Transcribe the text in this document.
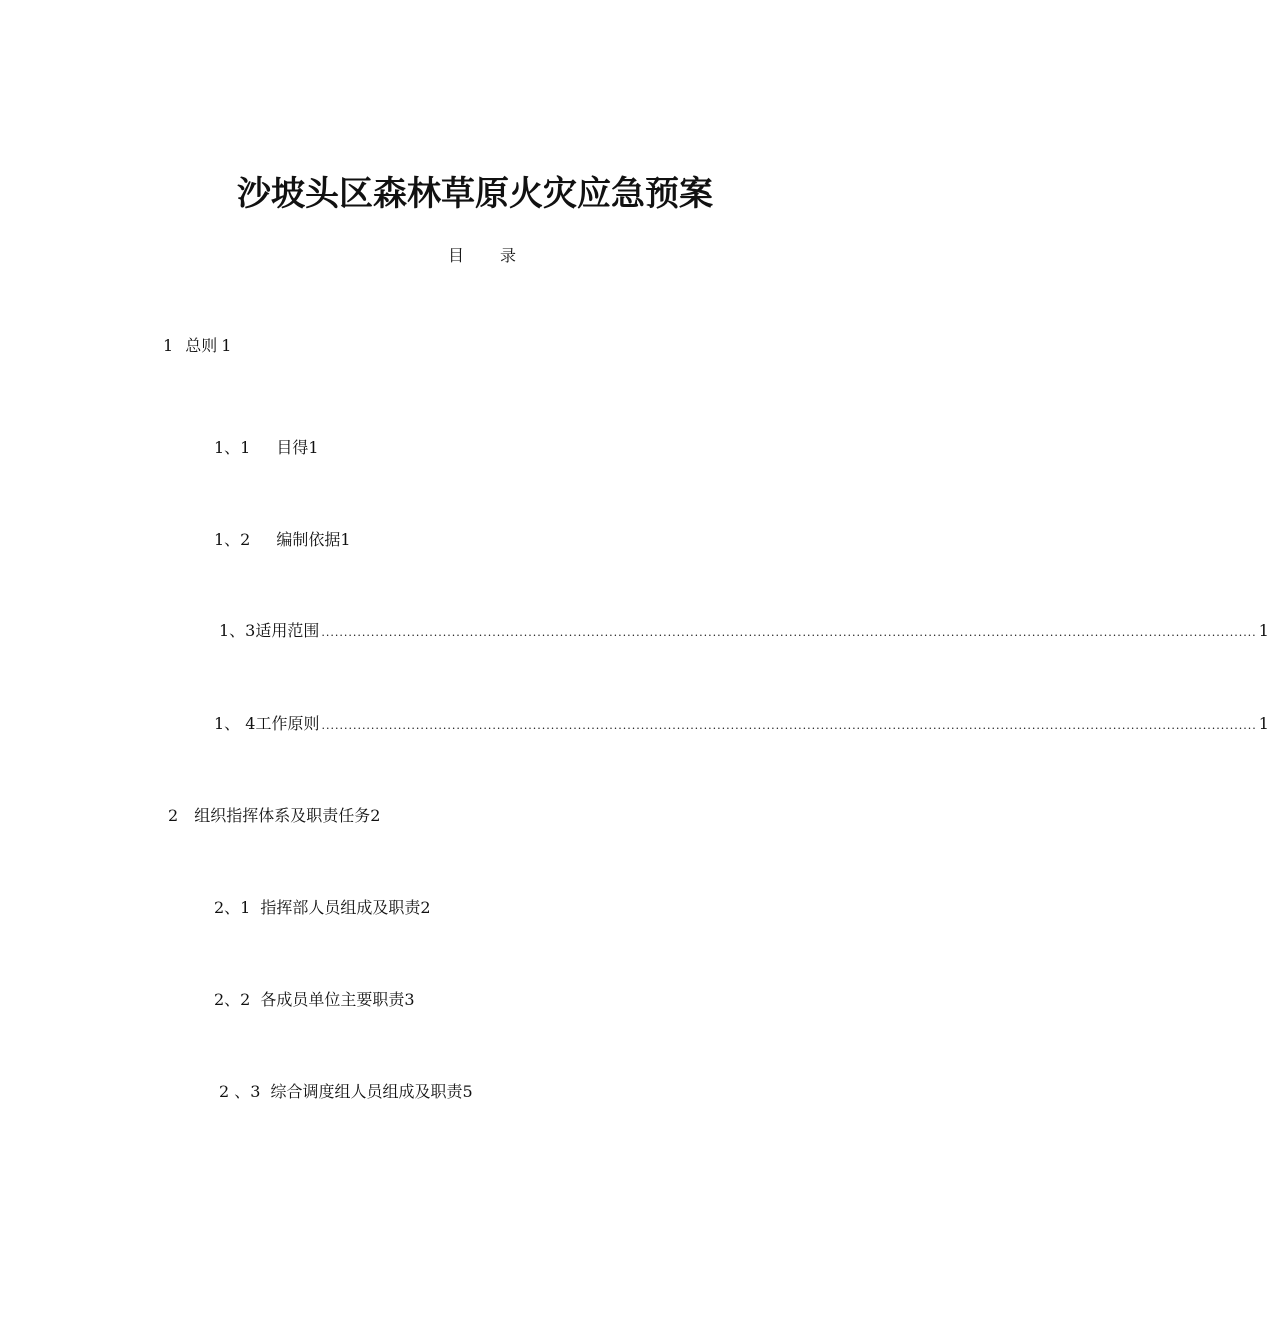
沙坡头区森林草原火灾应急预案
目录
1 总则 1
1、1 目得 1
1、2 编制依据 1
1、3 适用范围 ................................................................................................................................................................................................................ 1
1、 4 工作原则 ................................................................................................................................................................................................................ 1
2 组织指挥体系及职责任务 2
2、1 指挥部人员组成及职责 2
2、2 各成员单位主要职责 3
2 、3 综合调度组人员组成及职责 5
